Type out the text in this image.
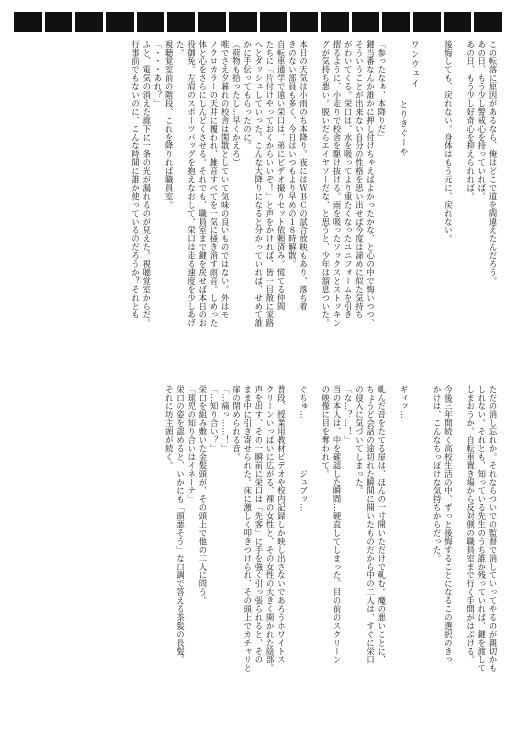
この転落に原因があるなら、俺はどこで道を間違えたんだろう。

あの日、もう少し警戒心を持っていれば。

あの日、もう少し好奇心を抑えられれば。

後悔しても、戻れない。身体はもう元に、戻れない。

ワンウェイ

とりきぐーや

「参ったなぁ、本降りだ」

鍵当番なんか誰かに押し付けちゃえばよかったかな、と心の中で悔いつつ、

そういうことが出来ない自分の性格を思い出せば今度は諦めに似た気持ち

がわいてくる。栄口は、水を吸ってより重たくなったユニフォームを引き

摺るように、小走りで校舎を駆け抜ける。雨を吸ったソックスとストッキン

グが気持ち悪い。脱いだらエイヤソーだな、と思うと、少年は溜息ついた。

本日の天気は小雨のち本降り。夜にはＷＢＣの試合放映もあり、落ち着

きのない部員も多く、今日はいつもより早めの１８時解散。

自転車通学で遠い栄口は、弟にビデオ撮りセット依頼済み。慌てる仲間

たちに「片付けやっておくからいいぞ！」と声をかければ、皆一目散に家路

へとダッシュしていった。こんな大降りになると分かっていれば、せめて誰

かに手伝ってもらったのに。

（荷物も拾ったし…早くかえろ）

唯でさえ夕暮れの校舎は閑散としていて気味の良いものではない。外はモ

ノクロカラーの天井に覆われ、雑音すべてを一気に掻き消す雨音。しめった

体と心をさらにしんどくさせる。それでも、職員室まで鍵を戻せば本日のお

役御免。左肩のスポーツバッグを抱えなおして、栄口は走る速度を少しあげ

た。

視聴覚室前の階段、これを降りれば職員室。

「・・・あれ？」

ふと、電気の消えた廊下に一条の光が漏れるのが見えた。視聴覚室からだ。

行事前でもないのに、こんな時間に誰か使っているのだろうか？それとも

ただの消し忘れか。それならついでの監督で消していってやるのが親切かも

しれない。それとも、知っている先生のうち誰か残っていれば、鍵を渡して

しまおうか。自転車置き場から反対側の職員室まで行く手間がはぶける。

今後三年間続く高校生活の中、ずっと後悔することになるこの選択のきっ

かけは、こんなちっぽけな気持ちからだった。

ギィッ…

軋んだ音をたてる扉は、ほんの一寸開いただけで軋む。魔の悪いことに、

ちょうど会話の途切れた瞬間に開いたものだから中の二人は、すぐに栄口

の侵入に気づいてしまった。

「な…？…！」

当の本人は、中を確認した瞬間…硬直してしまった。目の前のスクリーン

の映像に目を奪われて。

ぐちゅ…　　　　　　ジュブッ…

普段、授業用教材ビデオや校内記録しか映し出さないであろうホワイトス

クリーンいっぱいに広がる、裸の女性と、その女性の大きく開かれた陰部。

声を出す、その一瞬前に栄口は「先客」に手を強く引っ張られると、その

まま中に引き寄せられた。床に激しく叩きつけられ、その頭上でカチャリと

扉の閉められる音。

「…痛っ……！」

「…知り合い？」

栄口を組み敷いた金髪頭が、その頭上で他の二人に問う。

「球児の知り合いはイネーナ」

栄口の姿を認めると、いかにも「頭悪そう」な口調で答える茶髪の長髪。

それに坊主頭が続く。
